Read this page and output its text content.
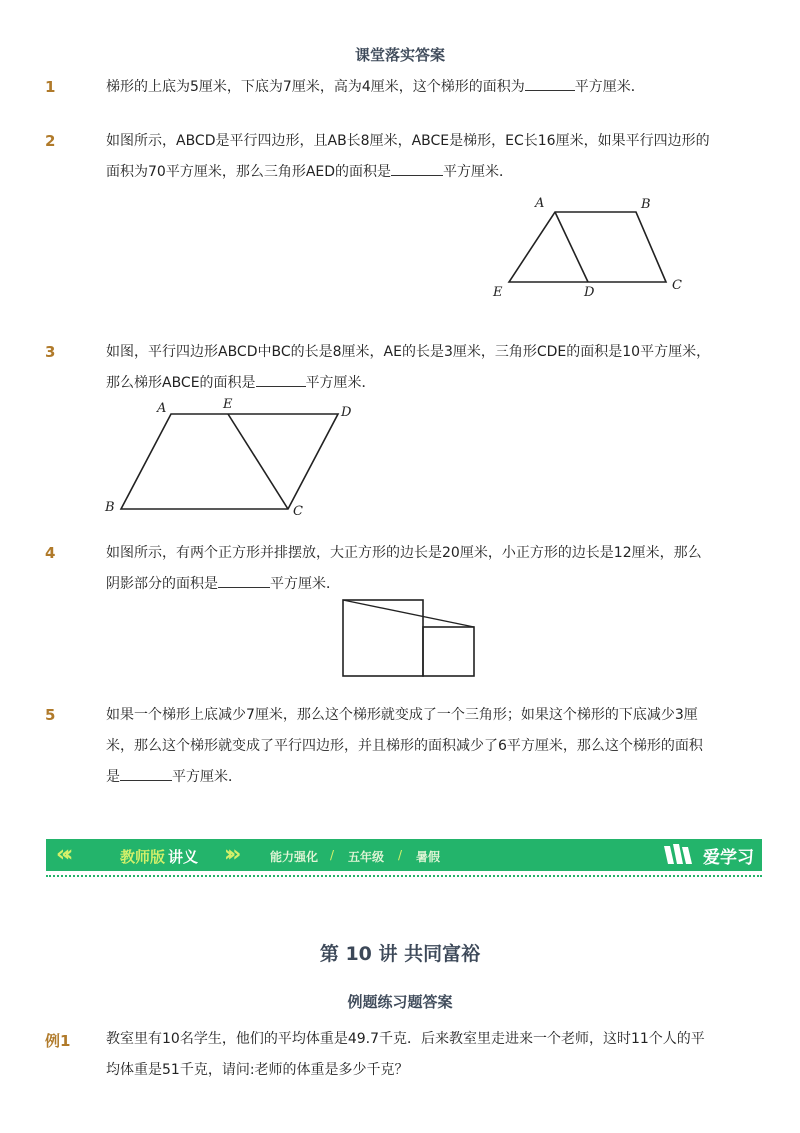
课堂落实答案
1	梯形的上底为5厘米，下底为7厘米，高为4厘米，这个梯形的面积为	平方厘米．
2	如图所示，ABCD是平行四边形，且AB长8厘米，ABCE是梯形，EC长16厘米，如果平行四边形的
面积为70平方厘米，那么三角形AED的面积是	平方厘米．
A	B
C
D
E
3	如图，平行四边形ABCD中BC的长是8厘米，AE的长是3厘米，三角形CDE的面积是10平方厘米，
那么梯形ABCE的面积是	平方厘米．
A	E
D
B	C
4	如图所示，有两个正方形并排摆放，大正方形的边长是20厘米，小正方形的边长是12厘米，那么
阴影部分的面积是	平方厘米．
5	如果一个梯形上底减少7厘米，那么这个梯形就变成了一个三角形；如果这个梯形的下底减少3厘
米，那么这个梯形就变成了平行四边形，并且梯形的面积减少了6平方厘米，那么这个梯形的面积
是	平方厘米．
«‹	教师版 讲义 ›»	能力强化 / 五年级 / 暑假	爱学习
第 10 讲 共同富裕
例题练习题答案
例1	教室里有10名学生，他们的平均体重是49.7千克．后来教室里走进来一个老师，这时11个人的平
均体重是51千克，请问:老师的体重是多少千克？
